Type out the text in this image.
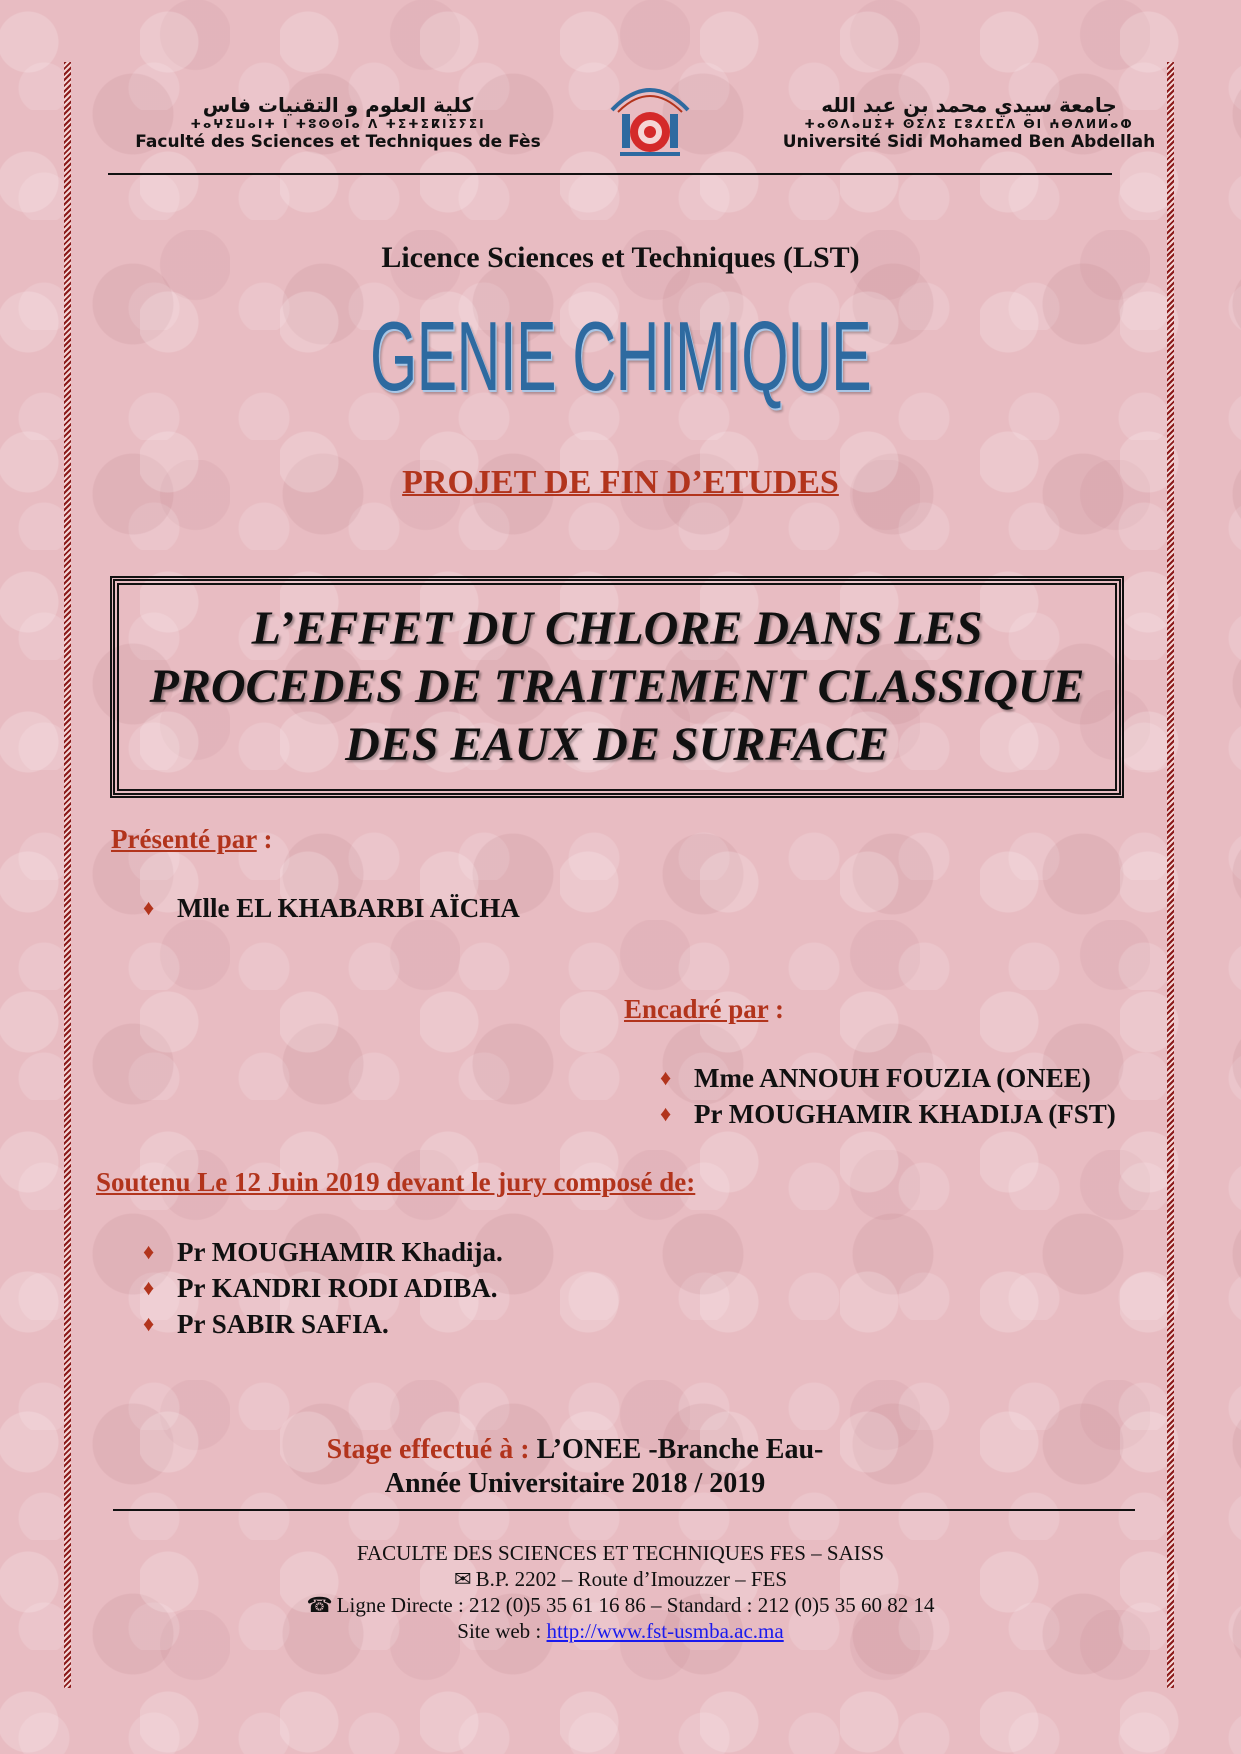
كلية العلوم و التقنيات فاس
ⵜⴰⵖⵉⵡⴰⵏⵜ ⵏ ⵜⵓⵙⵙⵏⴰ ⴷ ⵜⵉⵜⵉⴽⵏⵉⵢⵉⵏ
Faculté des Sciences et Techniques de Fès
جامعة سيدي محمد بن عبد الله
ⵜⴰⵙⴷⴰⵡⵉⵜ ⵙⵉⴷⵉ ⵎⵓⵃⵎⵎⴷ ⴱⵏ ⵄⴱⴷⵍⵍⴰⵀ
Université Sidi Mohamed Ben Abdellah
Licence Sciences et Techniques (LST)
GENIE CHIMIQUE
PROJET DE FIN D’ETUDES

L’EFFET DU CHLORE DANS LES
PROCEDES DE TRAITEMENT CLASSIQUE
DES EAUX DE SURFACE

Présenté par :
♦ Mlle EL KHABARBI AÏCHA
Encadré par :
♦ Mme ANNOUH FOUZIA (ONEE)
♦ Pr MOUGHAMIR KHADIJA (FST)
Soutenu Le 12 Juin 2019 devant le jury composé de:
♦ Pr MOUGHAMIR Khadija.
♦ Pr KANDRI RODI ADIBA.
♦ Pr SABIR SAFIA.
Stage effectué à : L’ONEE -Branche Eau-
Année Universitaire 2018 / 2019
FACULTE DES SCIENCES ET TECHNIQUES FES – SAISS
✉ B.P. 2202 – Route d’Imouzzer – FES
☎ Ligne Directe : 212 (0)5 35 61 16 86 – Standard : 212 (0)5 35 60 82 14
Site web : http://www.fst-usmba.ac.ma
